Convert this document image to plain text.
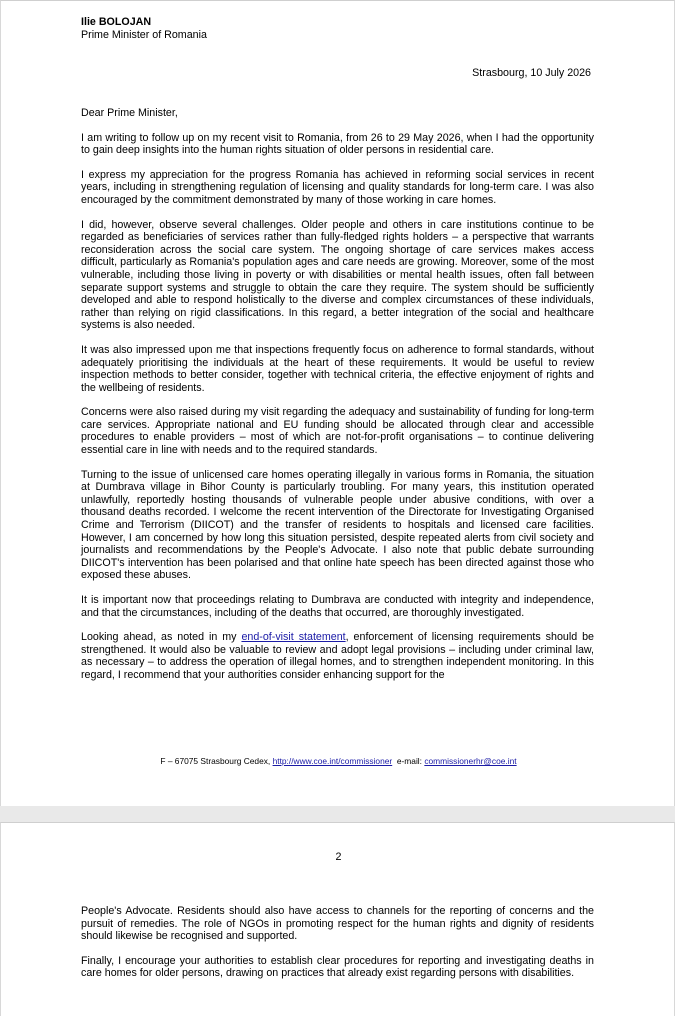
Ilie BOLOJAN
Prime Minister of Romania
Strasbourg, 10 July 2026

Dear Prime Minister,

I am writing to follow up on my recent visit to Romania, from 26 to 29 May 2026, when I had the opportunity to gain deep insights into the human rights situation of older persons in residential care.

I express my appreciation for the progress Romania has achieved in reforming social services in recent years, including in strengthening regulation of licensing and quality standards for long-term care. I was also encouraged by the commitment demonstrated by many of those working in care homes.

I did, however, observe several challenges. Older people and others in care institutions continue to be regarded as beneficiaries of services rather than fully-fledged rights holders – a perspective that warrants reconsideration across the social care system. The ongoing shortage of care services makes access difficult, particularly as Romania's population ages and care needs are growing. Moreover, some of the most vulnerable, including those living in poverty or with disabilities or mental health issues, often fall between separate support systems and struggle to obtain the care they require. The system should be sufficiently developed and able to respond holistically to the diverse and complex circumstances of these individuals, rather than relying on rigid classifications. In this regard, a better integration of the social and healthcare systems is also needed.

It was also impressed upon me that inspections frequently focus on adherence to formal standards, without adequately prioritising the individuals at the heart of these requirements. It would be useful to review inspection methods to better consider, together with technical criteria, the effective enjoyment of rights and the wellbeing of residents.

Concerns were also raised during my visit regarding the adequacy and sustainability of funding for long-term care services. Appropriate national and EU funding should be allocated through clear and accessible procedures to enable providers – most of which are not-for-profit organisations – to continue delivering essential care in line with needs and to the required standards.

Turning to the issue of unlicensed care homes operating illegally in various forms in Romania, the situation at Dumbrava village in Bihor County is particularly troubling. For many years, this institution operated unlawfully, reportedly hosting thousands of vulnerable people under abusive conditions, with over a thousand deaths recorded. I welcome the recent intervention of the Directorate for Investigating Organised Crime and Terrorism (DIICOT) and the transfer of residents to hospitals and licensed care facilities. However, I am concerned by how long this situation persisted, despite repeated alerts from civil society and journalists and recommendations by the People's Advocate. I also note that public debate surrounding DIICOT's intervention has been polarised and that online hate speech has been directed against those who exposed these abuses.

It is important now that proceedings relating to Dumbrava are conducted with integrity and independence, and that the circumstances, including of the deaths that occurred, are thoroughly investigated.

Looking ahead, as noted in my end-of-visit statement, enforcement of licensing requirements should be strengthened. It would also be valuable to review and adopt legal provisions – including under criminal law, as necessary – to address the operation of illegal homes, and to strengthen independent monitoring. In this regard, I recommend that your authorities consider enhancing support for the

F – 67075 Strasbourg Cedex, http://www.coe.int/commissioner  e-mail: commissionerhr@coe.int
2

People's Advocate. Residents should also have access to channels for the reporting of concerns and the pursuit of remedies. The role of NGOs in promoting respect for the human rights and dignity of residents should likewise be recognised and supported.

Finally, I encourage your authorities to establish clear procedures for reporting and investigating deaths in care homes for older persons, drawing on practices that already exist regarding persons with disabilities.
